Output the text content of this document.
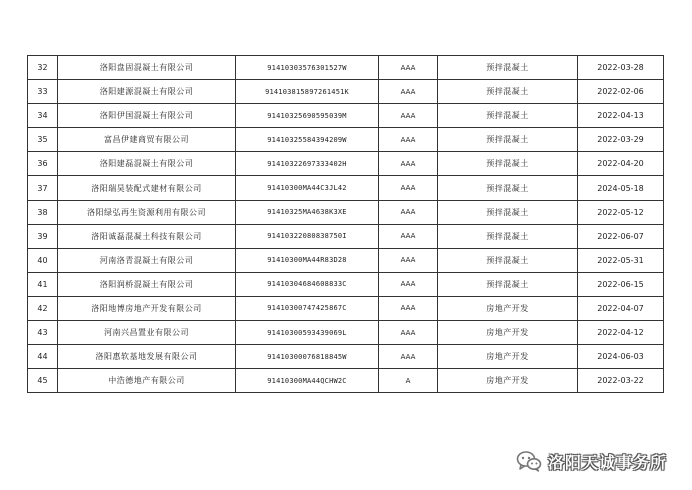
32	洛阳盘固混凝土有限公司	91410303576301527W	AAA	预拌混凝土	2022-03-28
33	洛阳建源混凝土有限公司	914103815897261451K	AAA	预拌混凝土	2022-02-06
34	洛阳伊国混凝土有限公司	91410325690595039M	AAA	预拌混凝土	2022-04-13
35	富昌伊建商贸有限公司	91410325584394209W	AAA	预拌混凝土	2022-03-29
36	洛阳建磊混凝土有限公司	91410322697333402H	AAA	预拌混凝土	2022-04-20
37	洛阳瑞昊装配式建材有限公司	91410300MA44C3JL42	AAA	预拌混凝土	2024-05-18
38	洛阳绿弘再生资源利用有限公司	91410325MA4638K3XE	AAA	预拌混凝土	2022-05-12
39	洛阳诚磊混凝土科技有限公司	91410322080838750I	AAA	预拌混凝土	2022-06-07
40	河南洛青混凝土有限公司	91410300MA44R83D28	AAA	预拌混凝土	2022-05-31
41	洛阳润桥混凝土有限公司	91410304684608833C	AAA	预拌混凝土	2022-06-15
42	洛阳地博房地产开发有限公司	91410300747425867C	AAA	房地产开发	2022-04-07
43	河南兴昌置业有限公司	91410300593439069L	AAA	房地产开发	2022-04-12
44	洛阳惠软基地发展有限公司	91410300076818845W	AAA	房地产开发	2024-06-03
45	中浩德地产有限公司	91410300MA44QCHW2C	A	房地产开发	2022-03-22
洛阳天诚事务所
